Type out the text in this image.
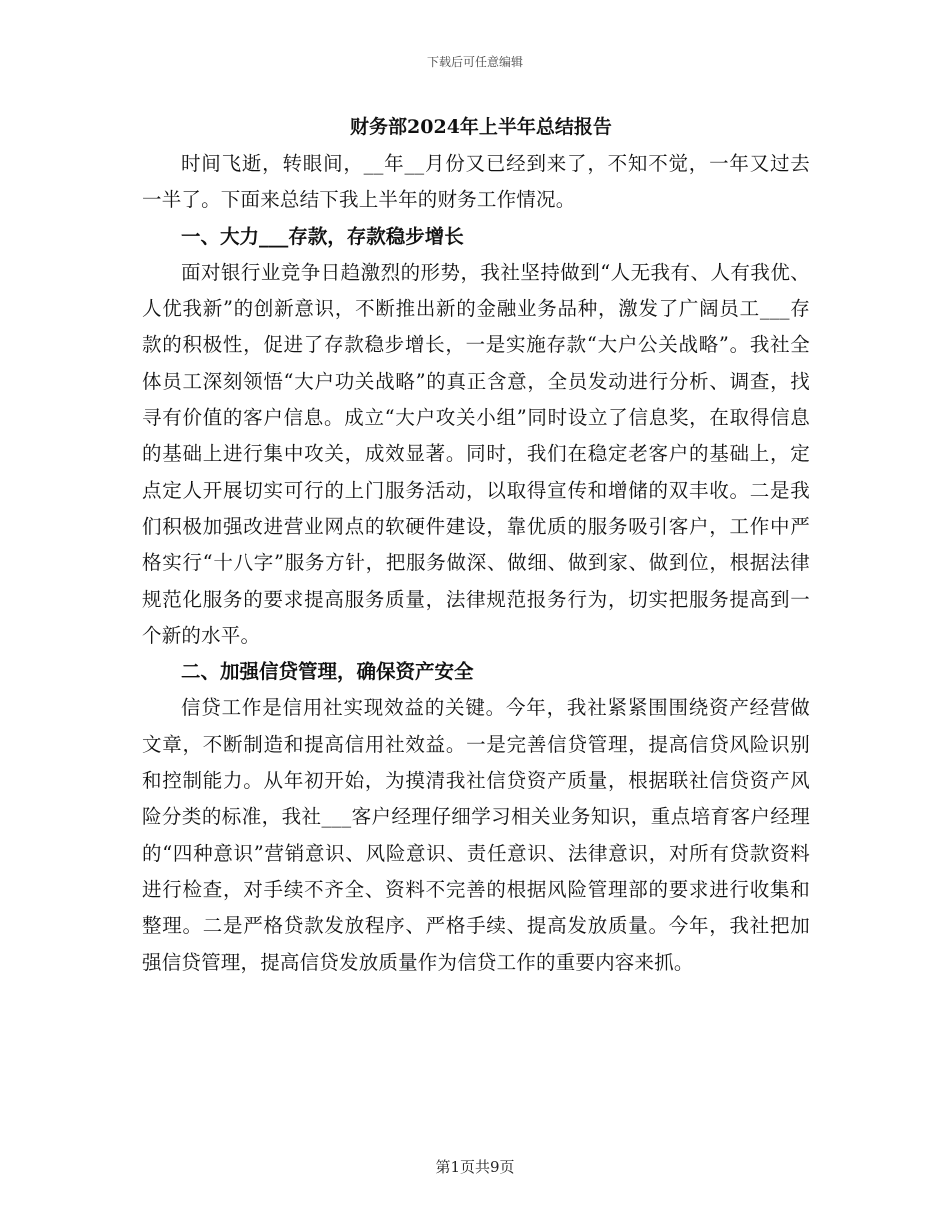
下载后可任意编辑
财务部2024年上半年总结报告

时间飞逝，转眼间，__年__月份又已经到来了，不知不觉，一年又过去一半了。下面来总结下我上半年的财务工作情况。

一、大力___存款，存款稳步增长

面对银行业竞争日趋激烈的形势，我社坚持做到“人无我有、人有我优、人优我新”的创新意识，不断推出新的金融业务品种，激发了广阔员工___存款的积极性，促进了存款稳步增长，一是实施存款“大户公关战略”。我社全体员工深刻领悟“大户功关战略”的真正含意，全员发动进行分析、调查，找寻有价值的客户信息。成立“大户攻关小组”同时设立了信息奖，在取得信息的基础上进行集中攻关，成效显著。同时，我们在稳定老客户的基础上，定点定人开展切实可行的上门服务活动，以取得宣传和增储的双丰收。二是我们积极加强改进营业网点的软硬件建设，靠优质的服务吸引客户，工作中严格实行“十八字”服务方针，把服务做深、做细、做到家、做到位，根据法律规范化服务的要求提高服务质量，法律规范报务行为，切实把服务提高到一个新的水平。

二、加强信贷管理，确保资产安全

信贷工作是信用社实现效益的关键。今年，我社紧紧围围绕资产经营做文章，不断制造和提高信用社效益。一是完善信贷管理，提高信贷风险识别和控制能力。从年初开始，为摸清我社信贷资产质量，根据联社信贷资产风险分类的标准，我社___客户经理仔细学习相关业务知识，重点培育客户经理的“四种意识”营销意识、风险意识、责任意识、法律意识，对所有贷款资料进行检查，对手续不齐全、资料不完善的根据风险管理部的要求进行收集和整理。二是严格贷款发放程序、严格手续、提高发放质量。今年，我社把加强信贷管理，提高信贷发放质量作为信贷工作的重要内容来抓。

第1页共9页
